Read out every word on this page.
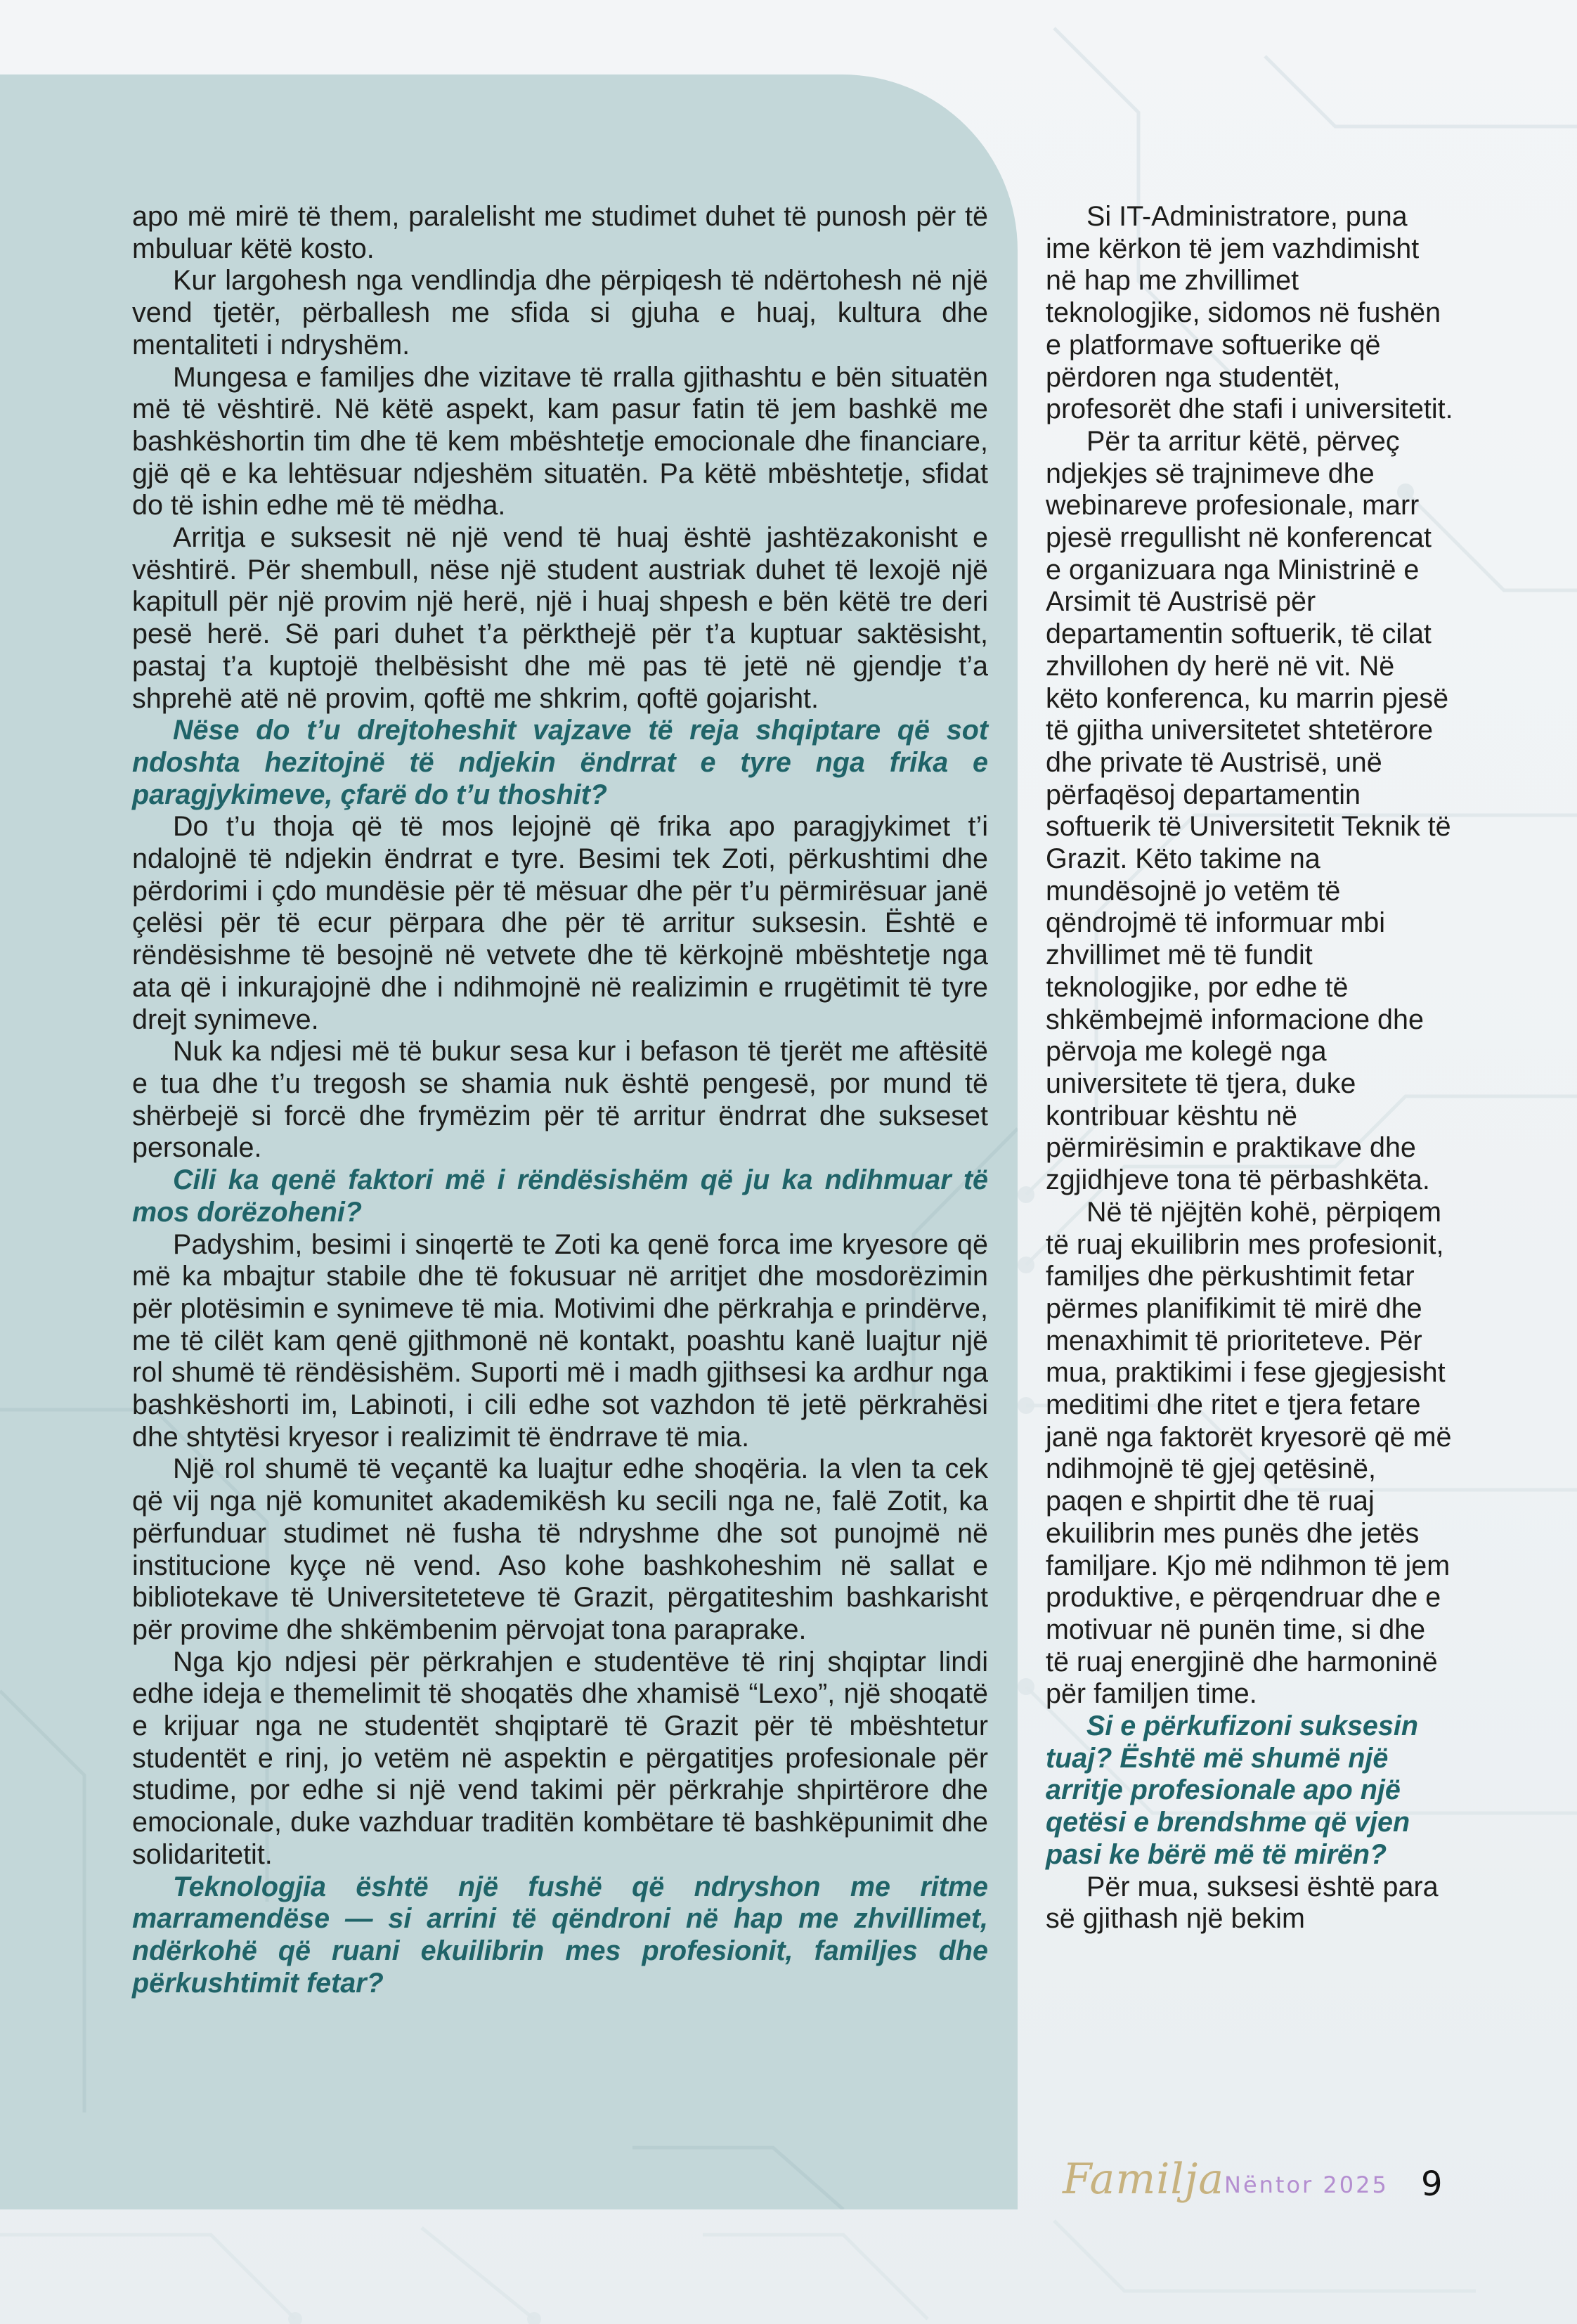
apo më mirë të them, paralelisht me studimet duhet të punosh për të mbuluar këtë kosto.

Kur largohesh nga vendlindja dhe përpiqesh të ndërtohesh në një vend tjetër, përballesh me sfida si gjuha e huaj, kultura dhe mentaliteti i ndryshëm.

Mungesa e familjes dhe vizitave të rralla gjithashtu e bën situatën më të vështirë. Në këtë aspekt, kam pasur fatin të jem bashkë me bashkëshortin tim dhe të kem mbështetje emocionale dhe financiare, gjë që e ka lehtësuar ndjeshëm situatën. Pa këtë mbështetje, sfidat do të ishin edhe më të mëdha.

Arritja e suksesit në një vend të huaj është jashtëzakonisht e vështirë. Për shembull, nëse një student austriak duhet të lexojë një kapitull për një provim një herë, një i huaj shpesh e bën këtë tre deri pesë herë. Së pari duhet t’a përkthejë për t’a kuptuar saktësisht, pastaj t’a kuptojë thelbësisht dhe më pas të jetë në gjendje t’a shprehë atë në provim, qoftë me shkrim, qoftë gojarisht.

Nëse do t’u drejtoheshit vajzave të reja shqiptare që sot ndoshta hezitojnë të ndjekin ëndrrat e tyre nga frika e paragjykimeve, çfarë do t’u thoshit?

Do t’u thoja që të mos lejojnë që frika apo paragjykimet t’i ndalojnë të ndjekin ëndrrat e tyre. Besimi tek Zoti, përkushtimi dhe përdorimi i çdo mundësie për të mësuar dhe për t’u përmirësuar janë çelësi për të ecur përpara dhe për të arritur suksesin. Është e rëndësishme të besojnë në vetvete dhe të kërkojnë mbështetje nga ata që i inkurajojnë dhe i ndihmojnë në realizimin e rrugëtimit të tyre drejt synimeve.

Nuk ka ndjesi më të bukur sesa kur i befason të tjerët me aftësitë e tua dhe t’u tregosh se shamia nuk është pengesë, por mund të shërbejë si forcë dhe frymëzim për të arritur ëndrrat dhe sukseset personale.

Cili ka qenë faktori më i rëndësishëm që ju ka ndihmuar të mos dorëzoheni?

Padyshim, besimi i sinqertë te Zoti ka qenë forca ime kryesore që më ka mbajtur stabile dhe të fokusuar në arritjet dhe mosdorëzimin për plotësimin e synimeve të mia. Motivimi dhe përkrahja e prindërve, me të cilët kam qenë gjithmonë në kontakt, poashtu kanë luajtur një rol shumë të rëndësishëm. Suporti më i madh gjithsesi ka ardhur nga bashkëshorti im, Labinoti, i cili edhe sot vazhdon të jetë përkrahësi dhe shtytësi kryesor i realizimit të ëndrrave të mia.

Një rol shumë të veçantë ka luajtur edhe shoqëria. Ia vlen ta cek që vij nga një komunitet akademikësh ku secili nga ne, falë Zotit, ka përfunduar studimet në fusha të ndryshme dhe sot punojmë në institucione kyçe në vend. Aso kohe bashkoheshim në sallat e bibliotekave të Universiteteteve të Grazit, përgatiteshim bashkarisht për provime dhe shkëmbenim përvojat tona paraprake.

Nga kjo ndjesi për përkrahjen e studentëve të rinj shqiptar lindi edhe ideja e themelimit të shoqatës dhe xhamisë “Lexo”, një shoqatë e krijuar nga ne studentët shqiptarë të Grazit për të mbështetur studentët e rinj, jo vetëm në aspektin e përgatitjes profesionale për studime, por edhe si një vend takimi për përkrahje shpirtërore dhe emocionale, duke vazhduar traditën kombëtare të bashkëpunimit dhe solidaritetit.

Teknologjia është një fushë që ndryshon me ritme marramendëse — si arrini të qëndroni në hap me zhvillimet, ndërkohë që ruani ekuilibrin mes profesionit, familjes dhe përkushtimit fetar?

Si IT-Administratore, puna ime kërkon të jem vazhdimisht në hap me zhvillimet teknologjike, sidomos në fushën e platformave softuerike që përdoren nga studentët, profesorët dhe stafi i universitetit.

Për ta arritur këtë, përveç ndjekjes së trajnimeve dhe webinareve profesionale, marr pjesë rregullisht në konferencat e organizuara nga Ministrinë e Arsimit të Austrisë për departamentin softuerik, të cilat zhvillohen dy herë në vit. Në këto konferenca, ku marrin pjesë të gjitha universitetet shtetërore dhe private të Austrisë, unë përfaqësoj departamentin softuerik të Universitetit Teknik të Grazit. Këto takime na mundësojnë jo vetëm të qëndrojmë të informuar mbi zhvillimet më të fundit teknologjike, por edhe të shkëmbejmë informacione dhe përvoja me kolegë nga universitete të tjera, duke kontribuar kështu në përmirësimin e praktikave dhe zgjidhjeve tona të përbashkëta.

Në të njëjtën kohë, përpiqem të ruaj ekuilibrin mes profesionit, familjes dhe përkushtimit fetar përmes planifikimit të mirë dhe menaxhimit të prioriteteve. Për mua, praktikimi i fese gjegjesisht meditimi dhe ritet e tjera fetare janë nga faktorët kryesorë që më ndihmojnë të gjej qetësinë, paqen e shpirtit dhe të ruaj ekuilibrin mes punës dhe jetës familjare. Kjo më ndihmon të jem produktive, e përqendruar dhe e motivuar në punën time, si dhe të ruaj energjinë dhe harmoninë për familjen time.

Si e përkufizoni suksesin tuaj? Është më shumë një arritje profesionale apo një qetësi e brendshme që vjen pasi ke bërë më të mirën?

Për mua, suksesi është para së gjithash një bekim

Familja Nëntor 2025 9
